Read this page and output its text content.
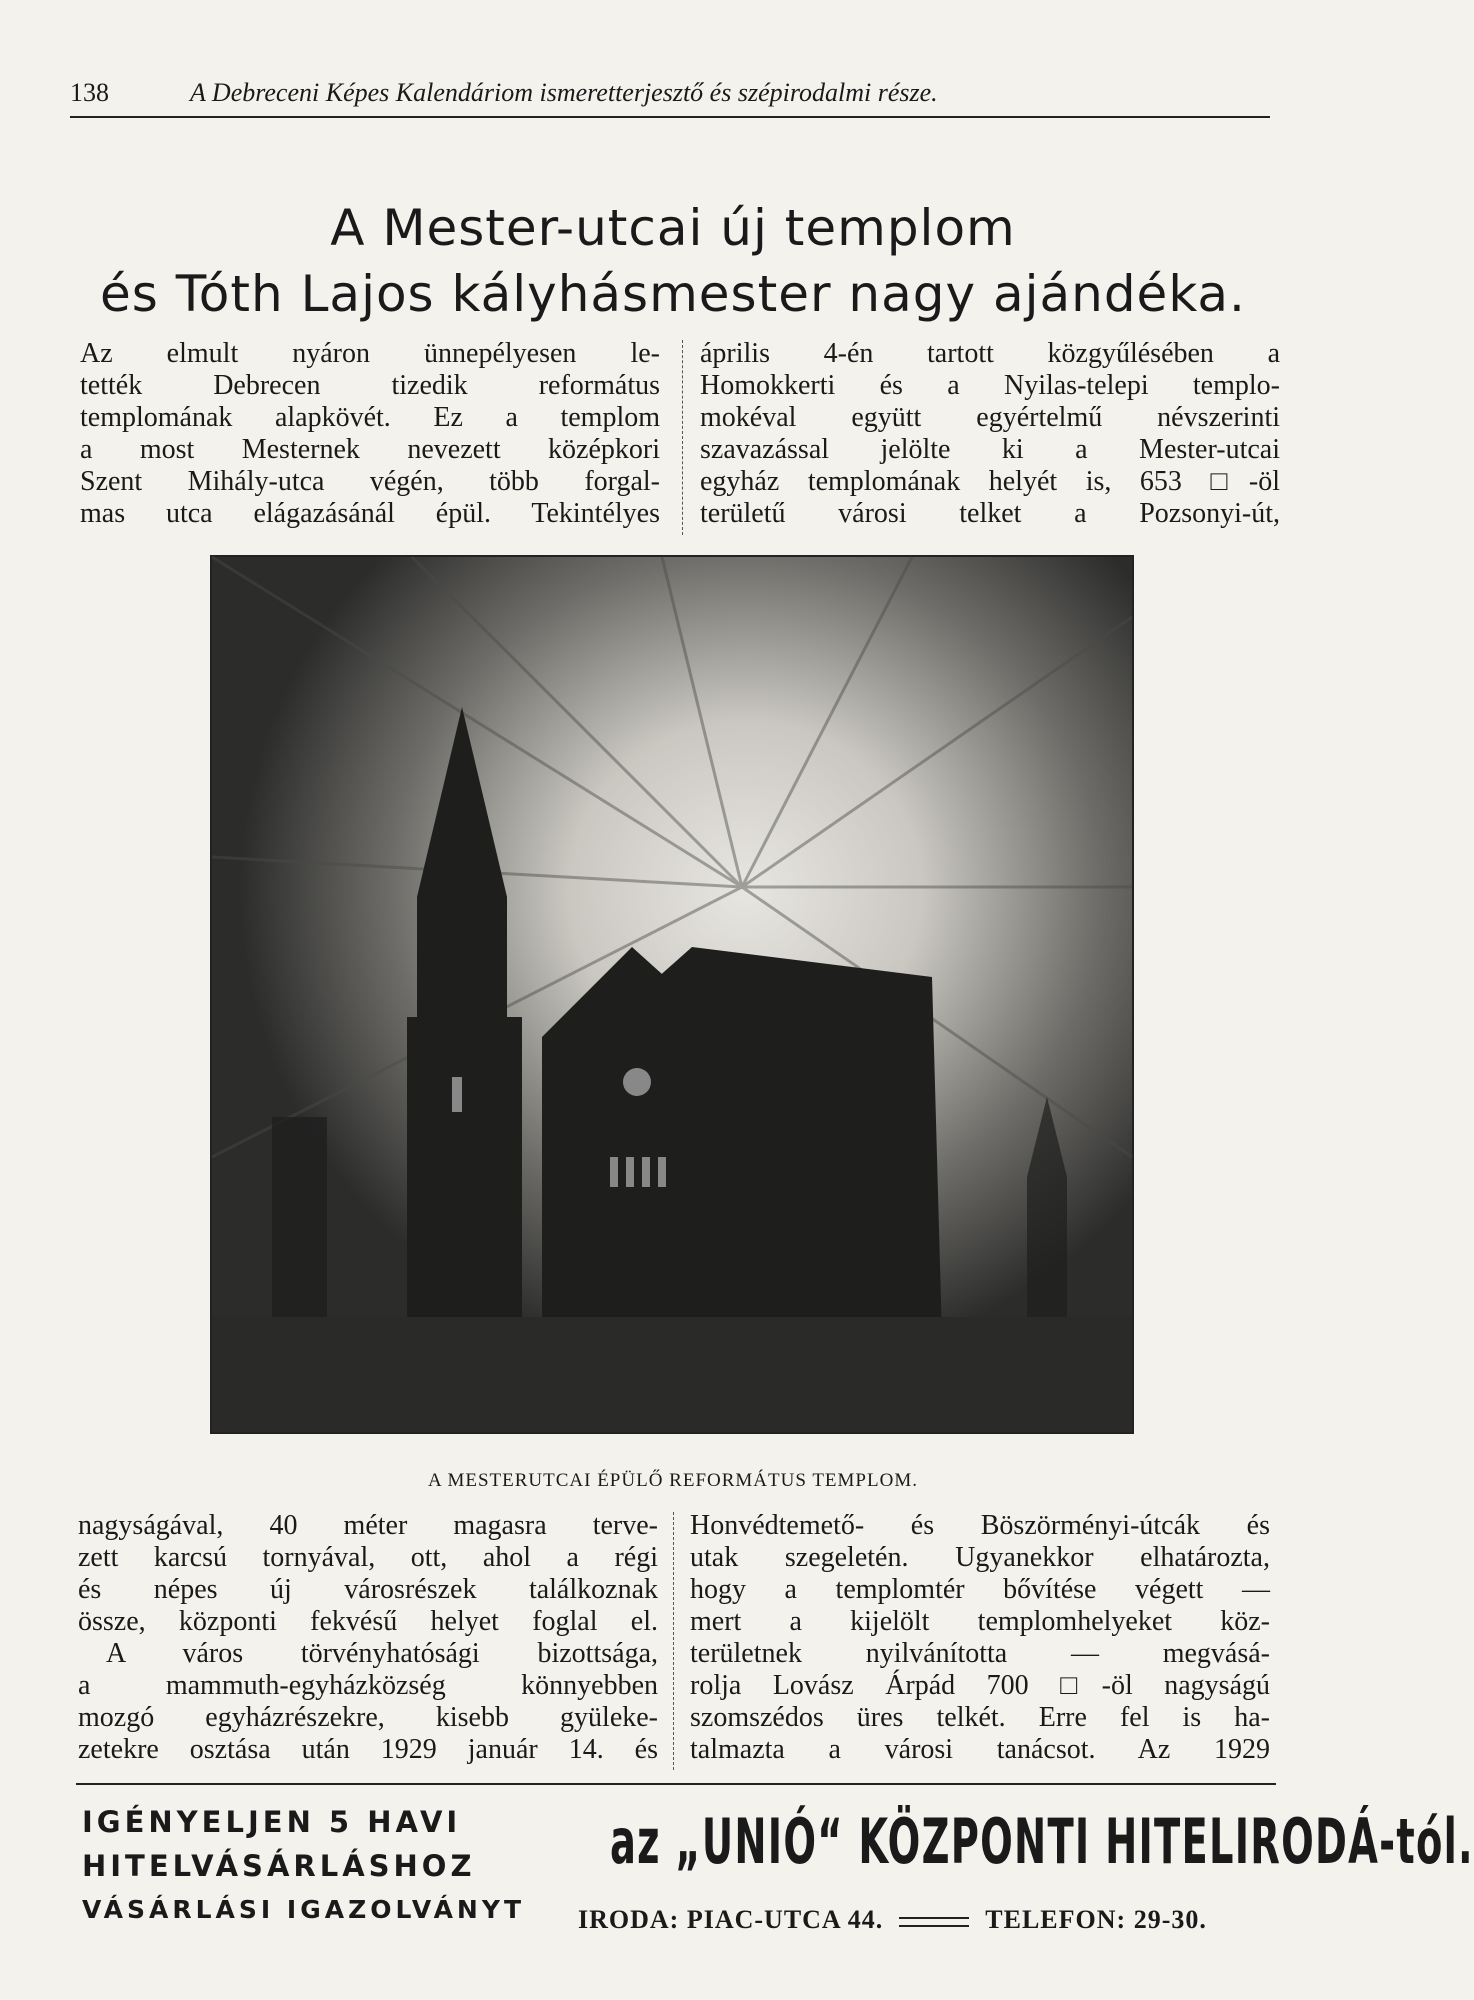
138	A Debreceni Képes Kalendáriom ismeretterjesztő és szépirodalmi része.
A Mester-utcai új templom
és Tóth Lajos kályhásmester nagy ajándéka.
Az elmult nyáron ünnepélyesen le-
tették Debrecen tizedik református
templomának alapkövét. Ez a templom
a most Mesternek nevezett középkori
Szent Mihály-utca végén, több forgal-
mas utca elágazásánál épül. Tekintélyes
április 4-én tartott közgyűlésében a
Homokkerti és a Nyilas-telepi templo-
mokéval együtt egyértelmű névszerinti
szavazással jelölte ki a Mester-utcai
egyház templomának helyét is, 653 □-öl
területű városi telket a Pozsonyi-út,
A MESTERUTCAI ÉPÜLŐ REFORMÁTUS TEMPLOM.
nagyságával, 40 méter magasra terve-
zett karcsú tornyával, ott, ahol a régi
és népes új városrészek találkoznak
össze, központi fekvésű helyet foglal el.
A város törvényhatósági bizottsága,
a mammuth-egyházközség könnyebben
mozgó egyházrészekre, kisebb gyüleke-
zetekre osztása után 1929 január 14. és
Honvédtemető- és Böszörményi-útcák és
utak szegeletén. Ugyanekkor elhatározta,
hogy a templomtér bővítése végett —
mert a kijelölt templomhelyeket köz-
területnek nyilvánította — megvásá-
rolja Lovász Árpád 700 □-öl nagyságú
szomszédos üres telkét. Erre fel is ha-
talmazta a városi tanácsot. Az 1929
IGÉNYELJEN 5 HAVI
HITELVÁSÁRLÁSHOZ
VÁSÁRLÁSI IGAZOLVÁNYT
az „UNIÓ“ KÖZPONTI HITELIRODÁ-tól.
IRODA: PIAC-UTCA 44.	TELEFON: 29-30.
